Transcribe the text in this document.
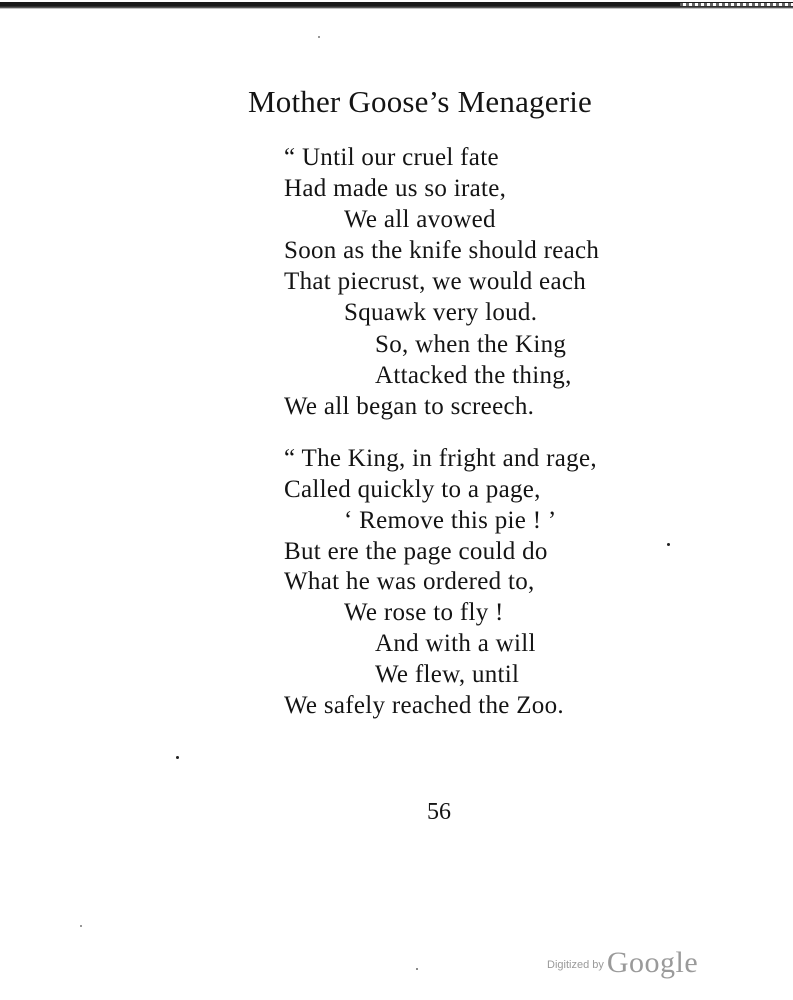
Mother Goose’s Menagerie
“ Until our cruel fate
Had made us so irate,
We all avowed
Soon as the knife should reach
That piecrust, we would each
Squawk very loud.
So, when the King
Attacked the thing,
We all began to screech.
“ The King, in fright and rage,
Called quickly to a page,
‘ Remove this pie ! ’
But ere the page could do
What he was ordered to,
We rose to fly !
And with a will
We flew, until
We safely reached the Zoo.
56
$^{Digitized by}$ Google
